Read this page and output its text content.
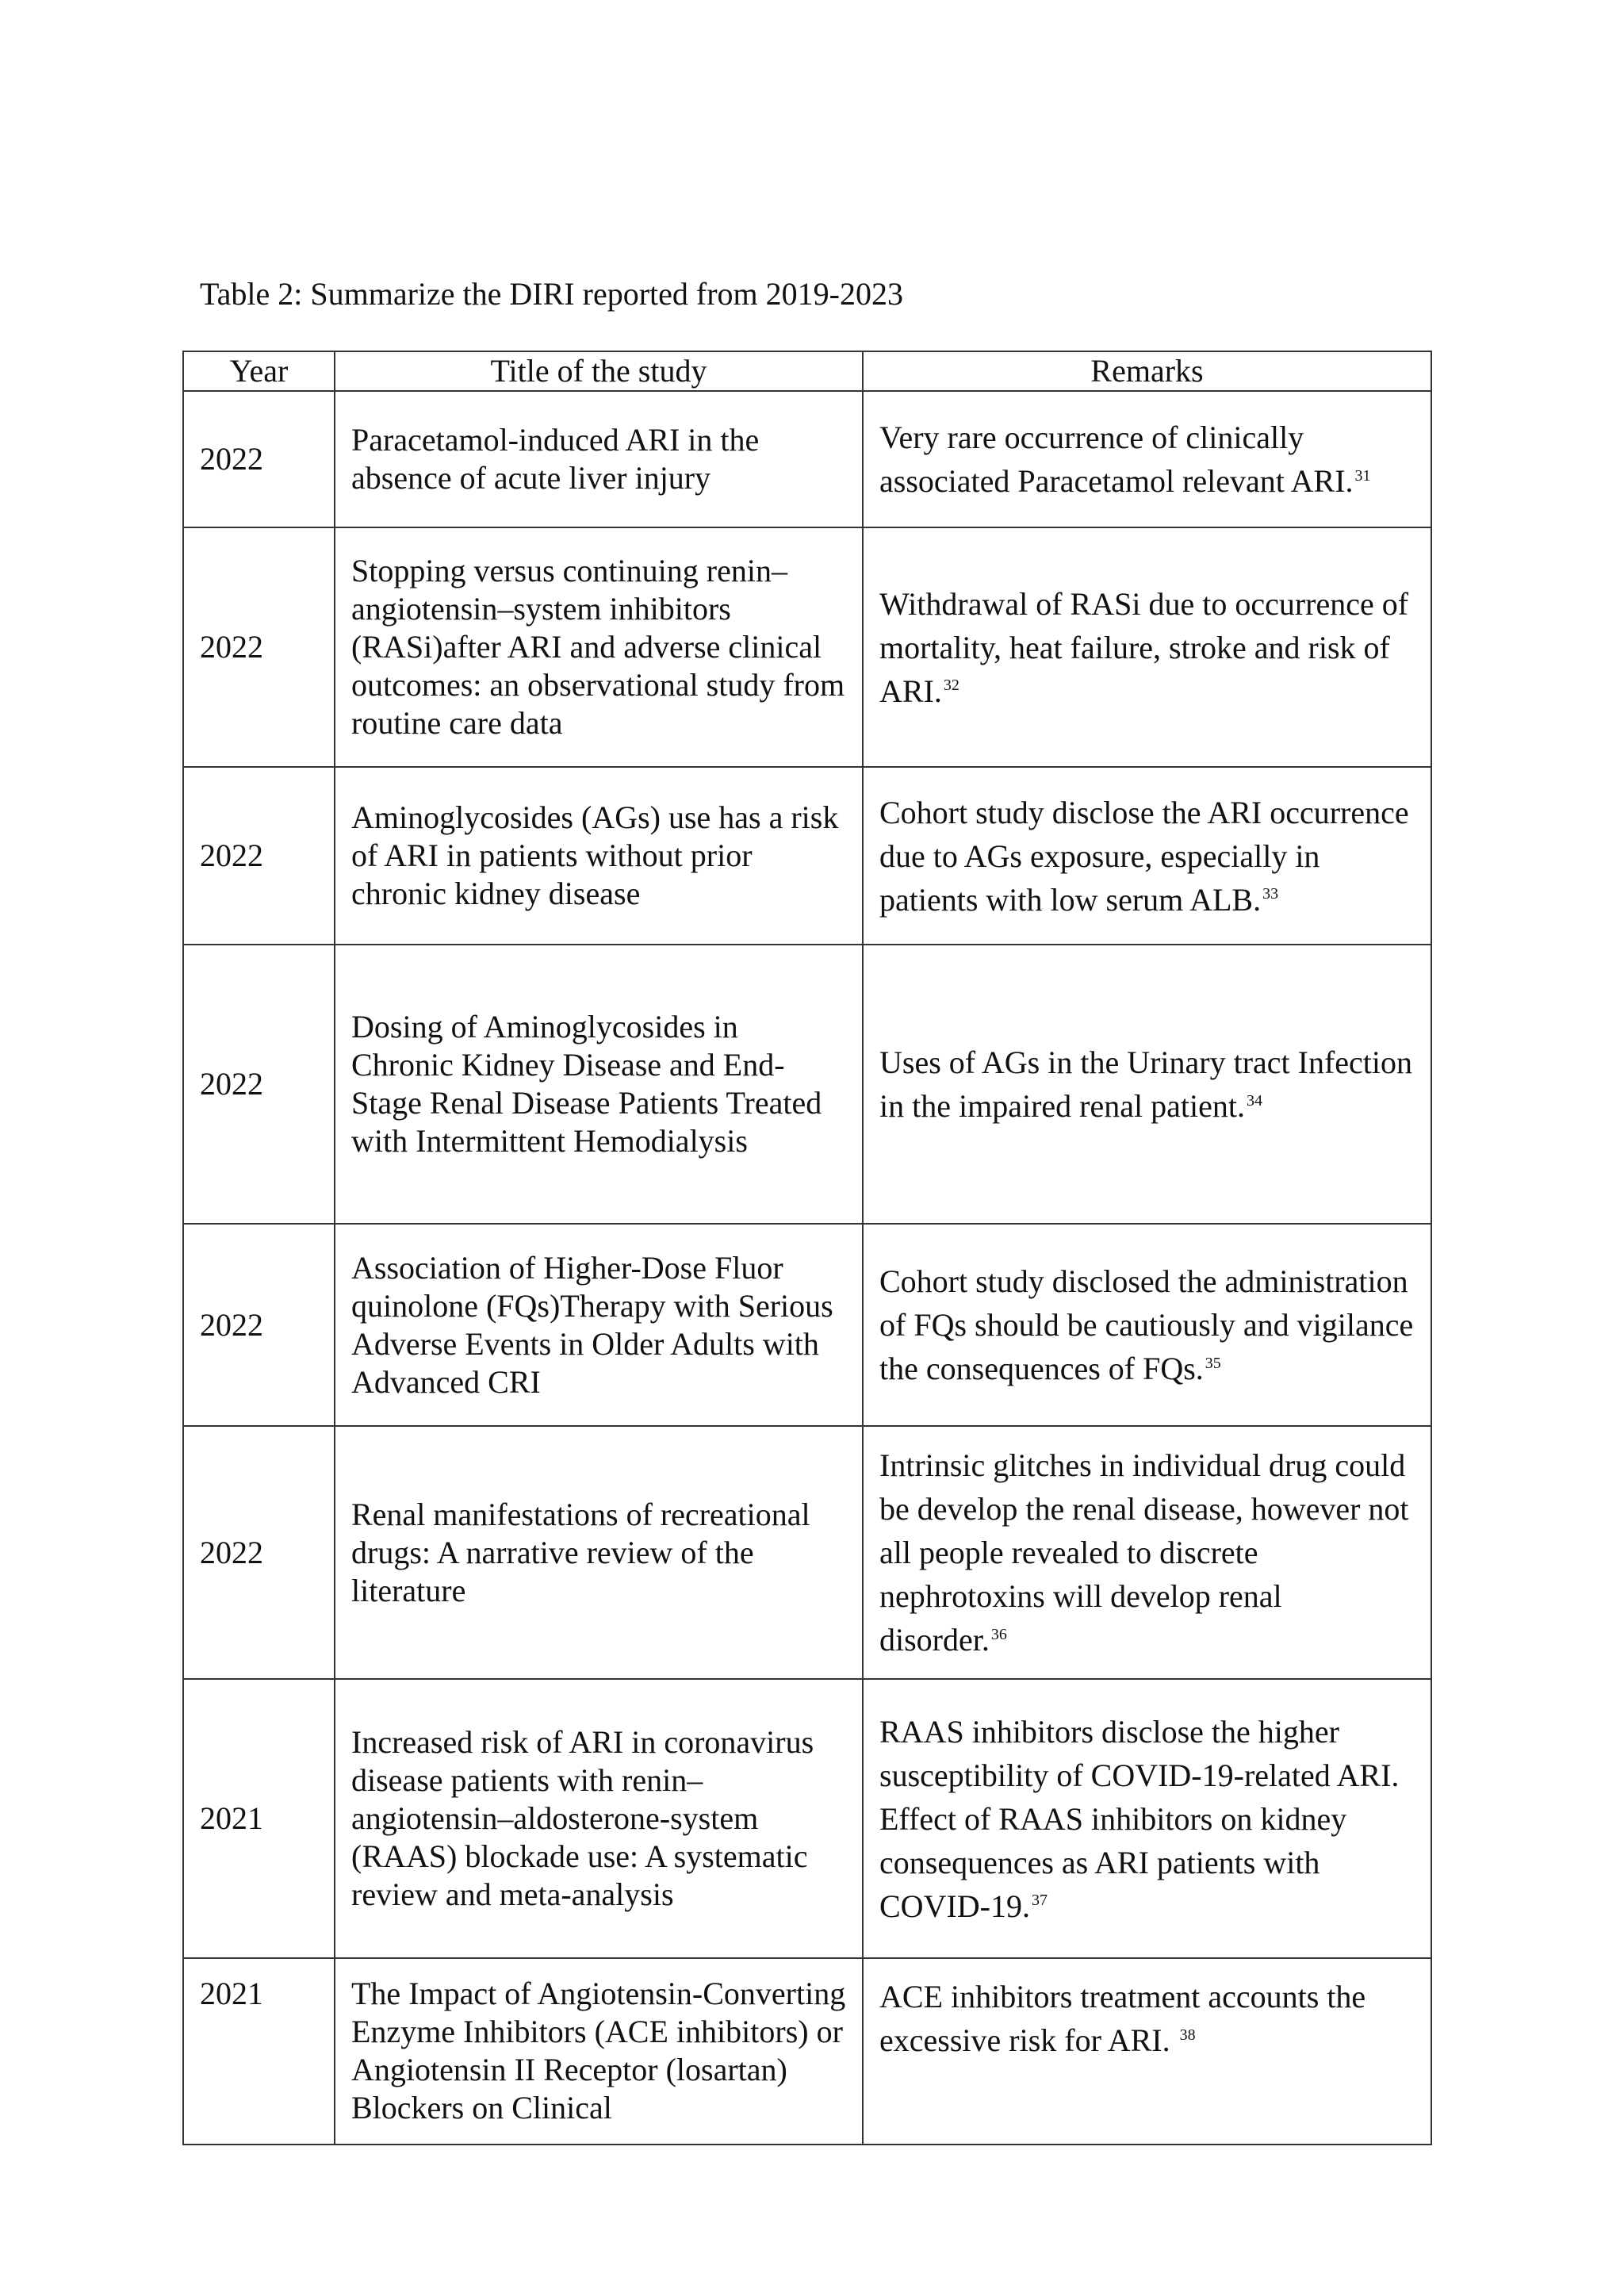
Table 2: Summarize the DIRI reported from 2019-2023
Year	Title of the study	Remarks
2022	Paracetamol-induced ARI in the absence of acute liver injury	Very rare occurrence of clinically associated Paracetamol relevant ARI. $^{31}$
2022	Stopping versus continuing renin–angiotensin–system inhibitors (RASi)after ARI and adverse clinical outcomes: an observational study from routine care data	Withdrawal of RASi due to occurrence of mortality, heat failure, stroke and risk of ARI. $^{32}$
2022	Aminoglycosides (AGs) use has a risk of ARI in patients without prior chronic kidney disease	Cohort study disclose the ARI occurrence due to AGs exposure, especially in patients with low serum ALB. $^{33}$
2022	Dosing of Aminoglycosides in Chronic Kidney Disease and End-Stage Renal Disease Patients Treated with Intermittent Hemodialysis	Uses of AGs in the Urinary tract Infection in the impaired renal patient. $^{34}$
2022	Association of Higher-Dose Fluor quinolone (FQs)Therapy with Serious Adverse Events in Older Adults with Advanced CRI	Cohort study disclosed the administration of FQs should be cautiously and vigilance the consequences of FQs. $^{35}$
2022	Renal manifestations of recreational drugs: A narrative review of the literature	Intrinsic glitches in individual drug could be develop the renal disease, however not all people revealed to discrete nephrotoxins will develop renal disorder. $^{36}$
2021	Increased risk of ARI in coronavirus disease patients with renin–angiotensin–aldosterone-system (RAAS) blockade use: A systematic review and meta-analysis	RAAS inhibitors disclose the higher susceptibility of COVID-19-related ARI. Effect of RAAS inhibitors on kidney consequences as ARI patients with COVID-19. $^{37}$
2021	The Impact of Angiotensin-Converting Enzyme Inhibitors (ACE inhibitors) or Angiotensin II Receptor (losartan) Blockers on Clinical	ACE inhibitors treatment accounts the excessive risk for ARI. $^{38}$
